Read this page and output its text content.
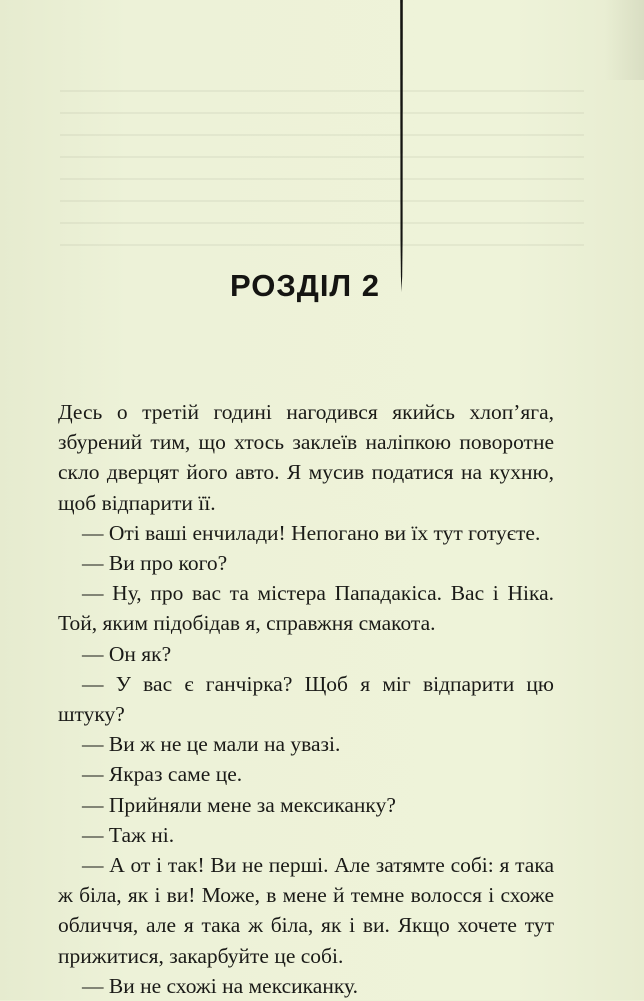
РОЗДІЛ 2

Десь о третій годині нагодився якийсь хлоп’яга, збурений тим, що хтось заклеїв наліпкою поворотне скло дверцят його авто. Я мусив податися на кухню, щоб відпарити її.

— Оті ваші енчилади! Непогано ви їх тут готуєте.

— Ви про кого?

— Ну, про вас та містера Пападакіса. Вас і Ніка. Той, яким підобідав я, справжня смакота.

— Он як?

— У вас є ганчірка? Щоб я міг відпарити цю штуку?

— Ви ж не це мали на увазі.

— Якраз саме це.

— Прийняли мене за мексиканку?

— Таж ні.

— А от і так! Ви не перші. Але затямте собі: я така ж біла, як і ви! Може, в мене й темне волосся і схоже обличчя, але я така ж біла, як і ви. Якщо хочете тут прижитися, закарбуйте це собі.

— Ви не схожі на мексиканку.
